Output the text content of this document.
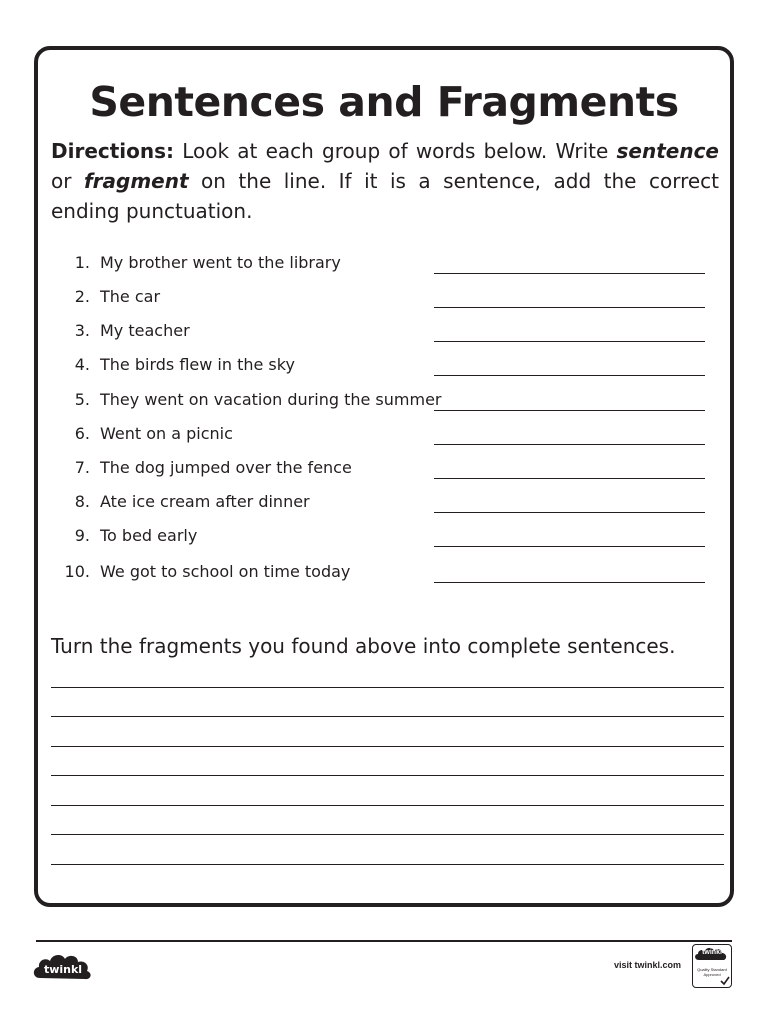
Sentences and Fragments
Directions: Look at each group of words below. Write sentence or fragment on the line. If it is a sentence, add the correct ending punctuation.
1. My brother went to the library
2. The car
3. My teacher
4. The birds flew in the sky
5. They went on vacation during the summer
6. Went on a picnic
7. The dog jumped over the fence
8. Ate ice cream after dinner
9. To bed early
10. We got to school on time today
Turn the fragments you found above into complete sentences.
twinkl	visit twinkl.com
twinkl
Quality Standard Approved
